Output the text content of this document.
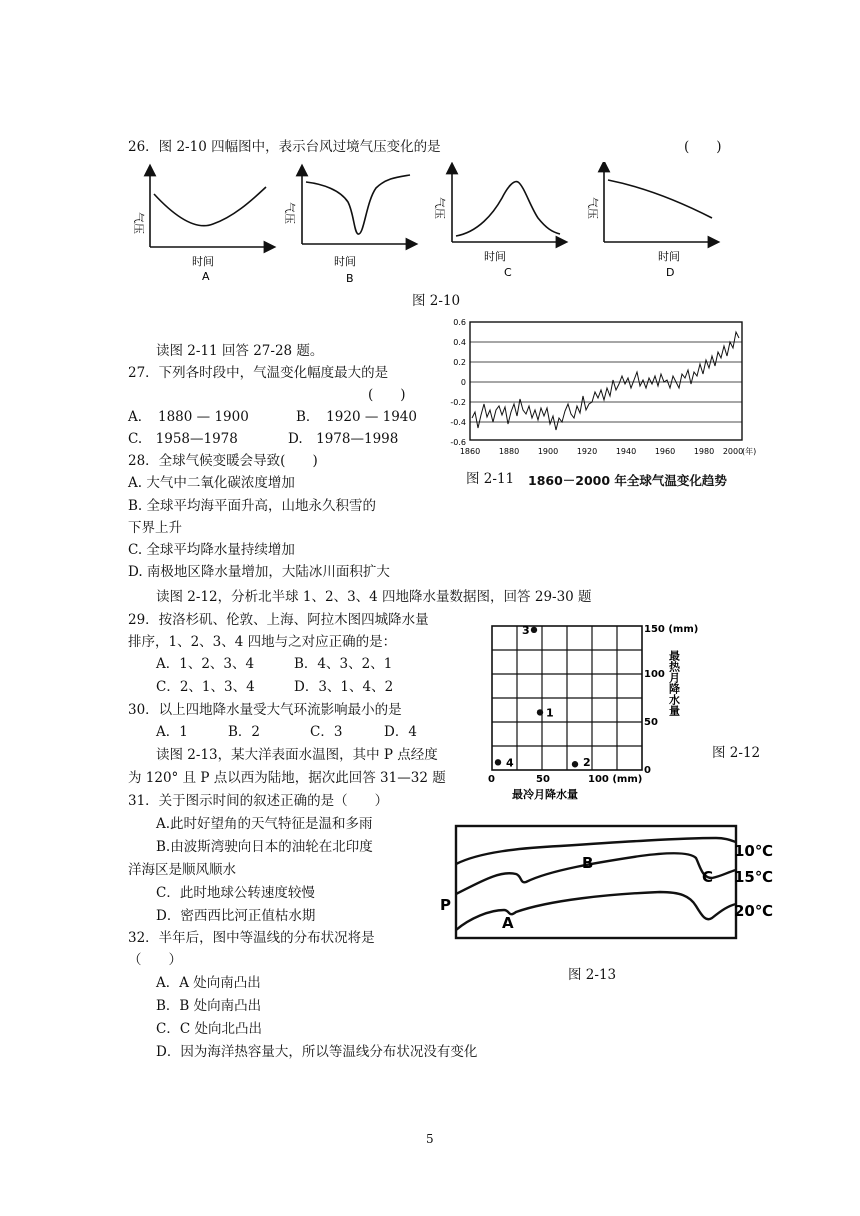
26．图 2-10 四幅图中，表示台风过境气压变化的是	(　　)
气压
时间
A
气压
时间
B
气压
时间
C
气压
时间
D
图 2-10
读图 2-11 回答 27-28 题。
27．下列各时段中，气温变化幅度最大的是
(　　)
A．　1880 — 1900	B．　1920 — 1940
C.　1958—1978	D.　1978—1998
28．全球气候变暖会导致(　　)
A. 大气中二氧化碳浓度增加
B. 全球平均海平面升高，山地永久积雪的
下界上升
C. 全球平均降水量持续增加
D. 南极地区降水量增加，大陆冰川面积扩大
0.6
0.4
0.2
0
-0.2
-0.4
-0.6
1860 1880 1900 1920 1940 1960 1980 2000
(年)
图 2-11 1860－2000 年全球气温变化趋势
读图 2-12，分析北半球 1、2、3、4 四地降水量数据图，回答 29-30 题
29．按洛杉矶、伦敦、上海、阿拉木图四城降水量
排序，1、2、3、4 四地与之对应正确的是：
A．1、2、3、4	B．4、3、2、1
C．2、1、3、4	D．3、1、4、2
30．以上四地降水量受大气环流影响最小的是
A．1	B．2	C．3	D．4
0	50	100 (mm)
0
50
100
150 (mm)
最冷月降水量
最热月降水量
1
2
3
4
图 2-12
读图 2-13，某大洋表面水温图，其中 P 点经度
为 120° 且 P 点以西为陆地，据次此回答 31—32 题
31．关于图示时间的叙述正确的是（　　）
A.此时好望角的天气特征是温和多雨
B.由波斯湾驶向日本的油轮在北印度
洋海区是顺风顺水
C．此时地球公转速度较慢
D．密西西比河正值枯水期
32．半年后，图中等温线的分布状况将是
（　　）
A．A 处向南凸出
B．B 处向南凸出
C．C 处向北凸出
D．因为海洋热容量大，所以等温线分布状况没有变化
P
A
B
C
10℃
15℃
20℃
图 2-13
5
